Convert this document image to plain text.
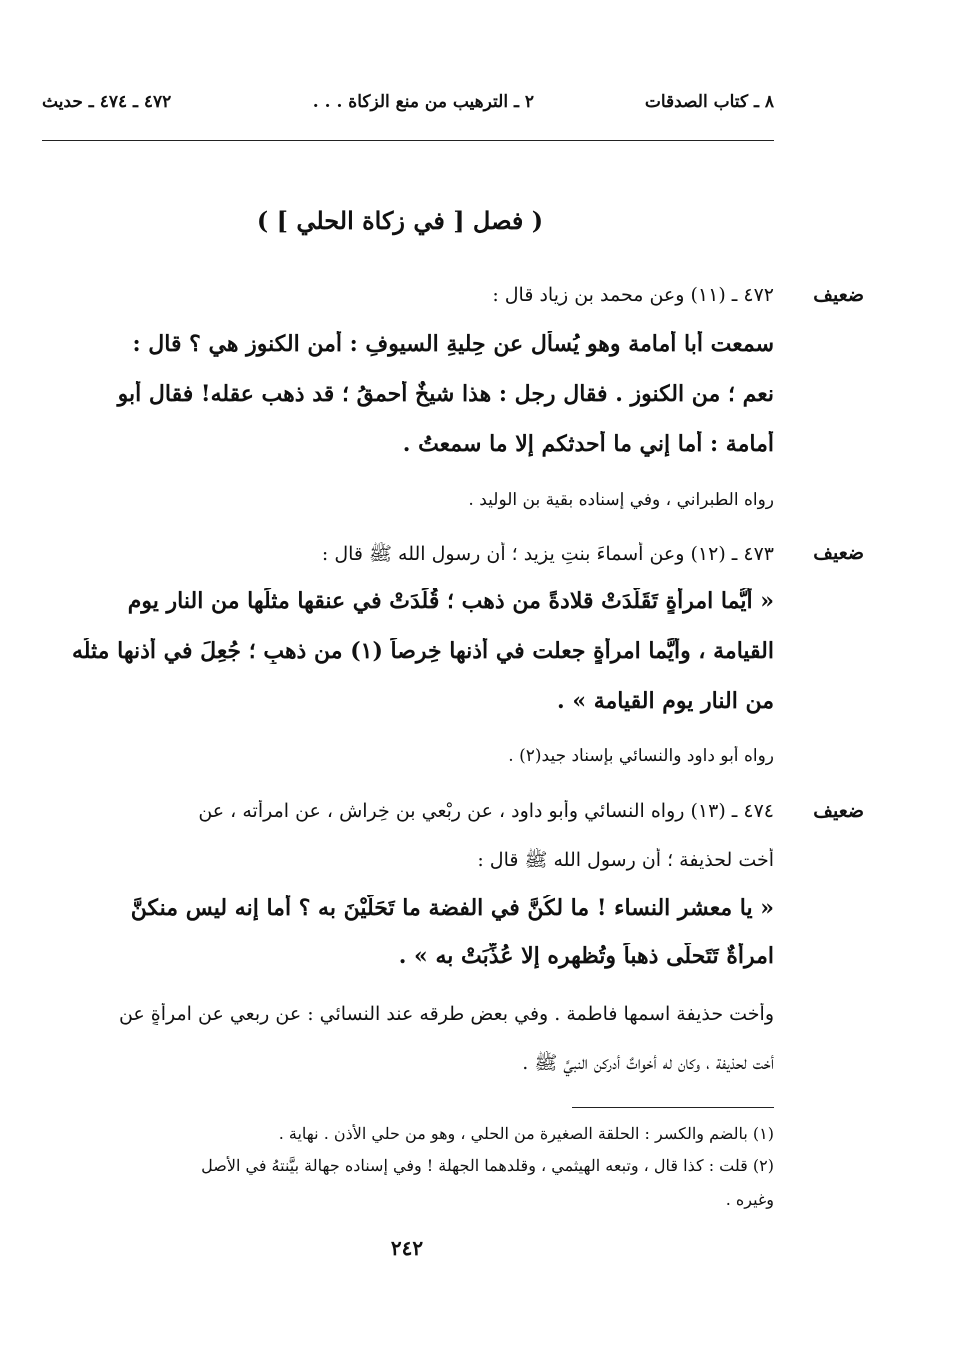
٨ ـ كتاب الصدقات
٢ ـ الترهيب من منع الزكاة . . .
٤٧٢ ـ ٤٧٤ ـ حديث
( فصل [ في زكاة الحلي ] )
ضعيف
٤٧٢ ـ (١١) وعن محمد بن زياد قال :
سمعت أبا أمامة وهو يُسأل عن حِليةِ السيوفِ : أمن الكنوز هي ؟ قال :
نعم ؛ من الكنوز . فقال رجل : هذا شيخٌ أحمقُ ؛ قد ذهب عقله! فقال أَبو
أمامة : أما إني ما أحدثكم إلا ما سمعتُ .
رواه الطبراني ، وفي إسناده بقية بن الوليد .
ضعيف
٤٧٣ ـ (١٢) وعن أسماءَ بنتِ يزيد ؛ أن رسول الله ﷺ قال :
« أيُّما امرأةٍ تَقَلَّدَتْ قلادةً من ذهب ؛ قُلِّدَتْ في عنقها مثلَها من النار يوم
القيامة ، وأيَّما امرأةٍ جعلت في أذنها خِرصاً (١) من ذهبٍ ؛ جُعِلَ في أذنها مثلُه
من النار يوم القيامة » .
رواه أبو داود والنسائي بإسناد جيد(٢) .
ضعيف
٤٧٤ ـ (١٣) رواه النسائي وأبو داود ، عن رِبْعي بن خِراش ، عن امرأته ، عن
أخت لحذيفة ؛ أن رسول الله ﷺ قال :
« يا معشر النساء ! ما لكُنَّ في الفضة ما تَحَلَّيْنَ به ؟ أما إنه ليس منكنَّ
امرأةٌ تَتَحلَّى ذهباً وتُظهره إلا عُذِّبَتْ به » .
وأخت حذيفة اسمها فاطمة . وفي بعض طرقه عند النسائي : عن ربعي عن امرأةٍ عن
أخت لحذيفة ، وكان له أخواتٌ أدركن النبيَّ ﷺ .
(١) بالضم والكسر : الحلقة الصغيرة من الحلي ، وهو من حلي الأذن . نهاية .
(٢) قلت : كذا قال ، وتبعه الهيثمي ، وقلدهما الجهلة ! وفي إسناده جهالة بيَّنتهُ في الأصل
وغيره .
٢٤٢
